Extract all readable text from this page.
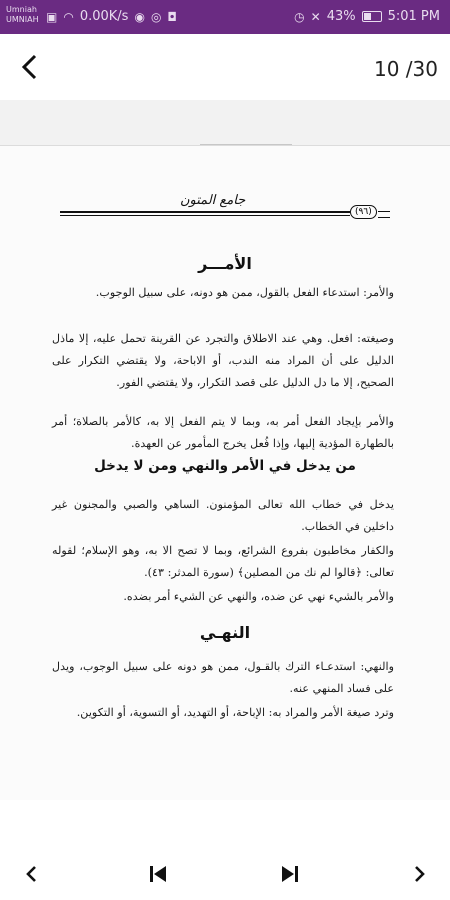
Umniah
UMNIAH ▣ ◠ 0.00K/s ◉ ◎ ◘	◷ ✕ 43% 5:01 PM
10 /30
جامع المتون
(٩٦)
الأمـــر
والأمر: استدعاء الفعل بالقول، ممن هو دونه، على سبيل الوجوب.
وصيغته: افعل. وهي عند الاطلاق والتجرد عن القرينة تحمل عليه، إلا ماذل الدليل على أن المراد منه الندب، أو الاباحة، ولا يقتضي التكرار على الصحيح، إلا ما دل الدليل على قصد التكرار، ولا يقتضي الفور.
والأمر بإيجاد الفعل أمر به، وبما لا يتم الفعل إلا به، كالأمر بالصلاة؛ أمر بالطهارة المؤدية إليها، وإذا فُعل يخرج المأمور عن العهدة.
من يدخل في الأمر والنهي ومن لا يدخل
يدخل في خطاب الله تعالى المؤمنون. الساهي والصبي والمجنون غير داخلين في الخطاب.
والكفار مخاطبون بفروع الشرائع، وبما لا تصح الا به، وهو الإسلام؛ لقوله تعالى: ﴿قالوا لم نك من المصلين﴾ (سورة المدثر: ٤٣).
والأمر بالشيء نهي عن ضده، والنهي عن الشيء أمر بضده.
النهـي
والنهي: استدعـاء الترك بالقـول، ممن هو دونه على سبيل الوجوب، ويدل على فساد المنهي عنه.
وترد صيغة الأمر والمراد به: الإباحة، أو التهديد، أو التسوية، أو التكوين.
